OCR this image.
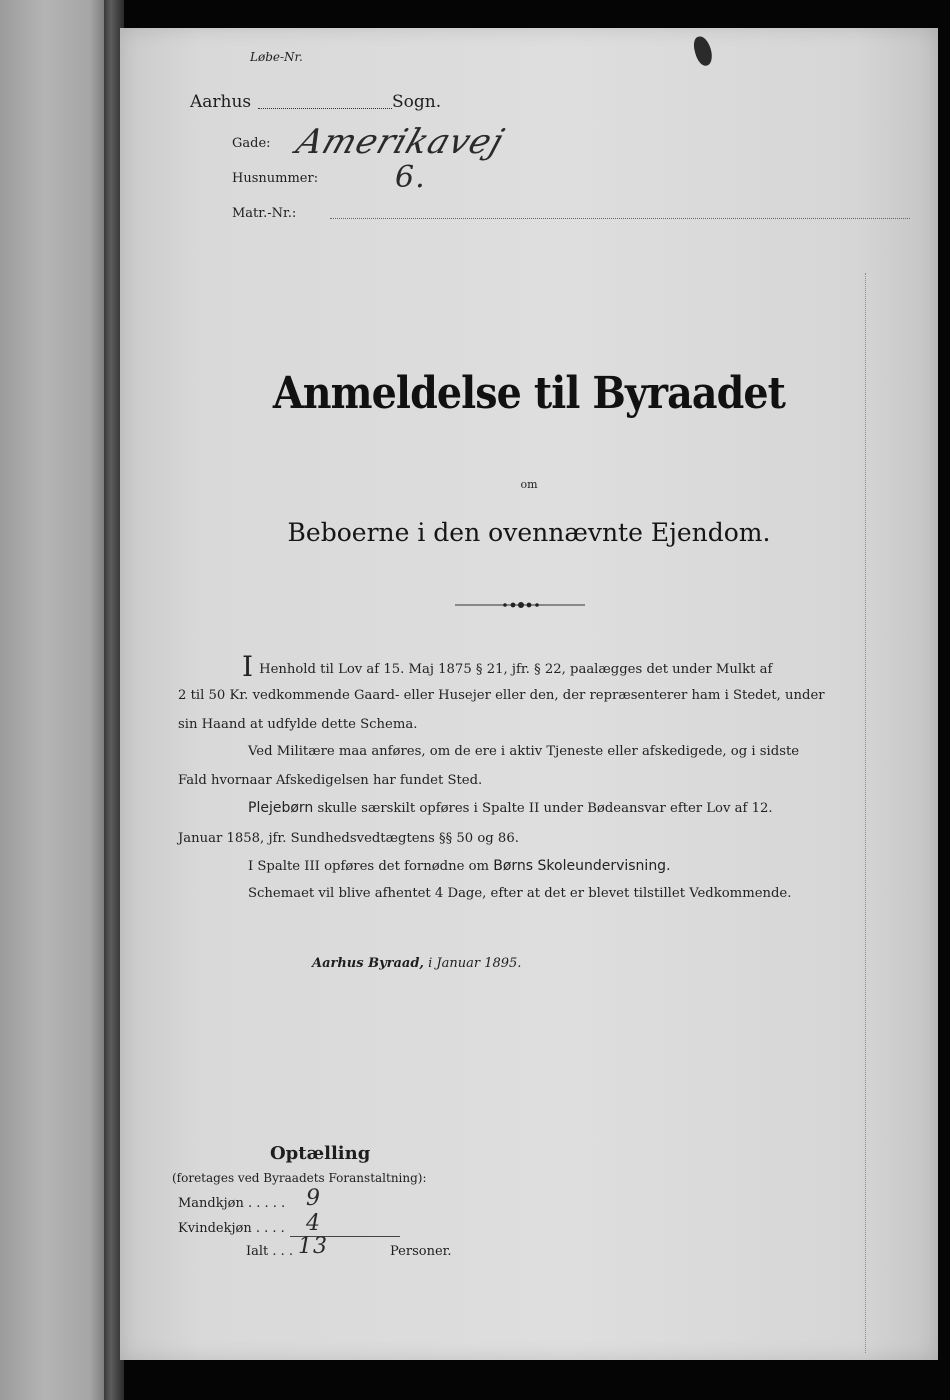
Løbe-Nr.
Aarhus	Sogn.
Gade: Amerikavej
Husnummer:	6.
Matr.-Nr.:
Anmeldelse til Byraadet
om
Beboerne i den ovennævnte Ejendom.
I Henhold til Lov af 15. Maj 1875 § 21, jfr. § 22, paalægges det under Mulkt af
2 til 50 Kr. vedkommende Gaard- eller Husejer eller den, der repræsenterer ham i Stedet, under
sin Haand at udfylde dette Schema.
Ved Militære maa anføres, om de ere i aktiv Tjeneste eller afskedigede, og i sidste
Fald hvornaar Afskedigelsen har fundet Sted.
Plejebørn skulle særskilt opføres i Spalte II under Bødeansvar efter Lov af 12.
Januar 1858, jfr. Sundhedsvedtægtens §§ 50 og 86.
I Spalte III opføres det fornødne om Børns Skoleundervisning.
Schemaet vil blive afhentet 4 Dage, efter at det er blevet tilstillet Vedkommende.
Aarhus Byraad, i Januar 1895.
Optælling
(foretages ved Byraadets Foranstaltning):
Mandkjøn . . . . . 9
Kvindekjøn . . . . 4
Ialt . . . 13	Personer.
